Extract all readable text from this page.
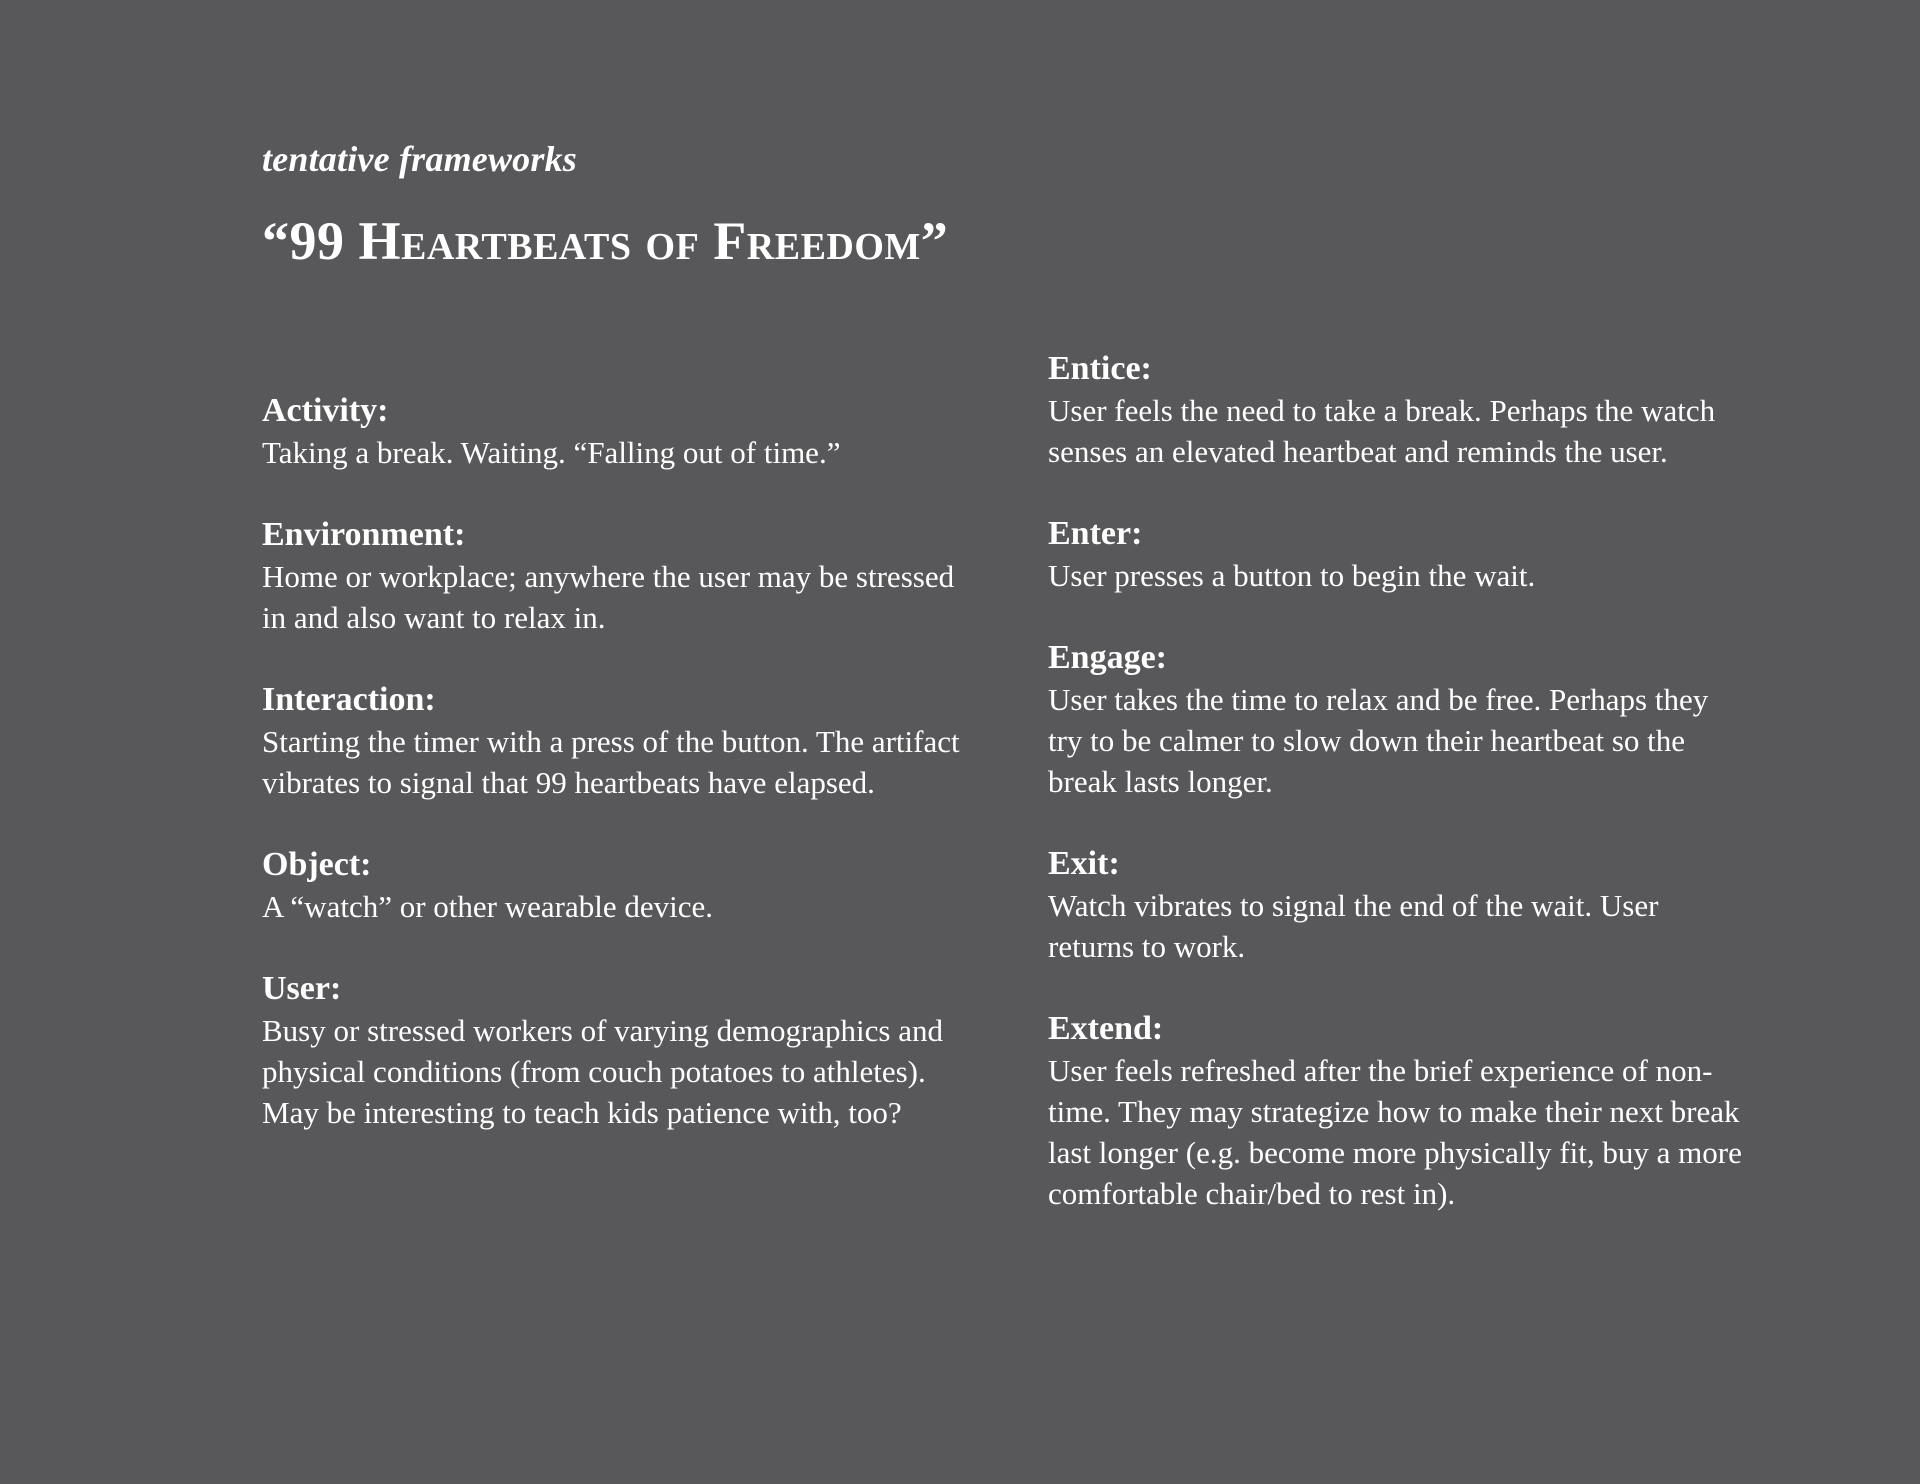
tentative frameworks

“99 Heartbeats of Freedom”
Activity:

Taking a break. Waiting. “Falling out of time.”

Environment:

Home or workplace; anywhere the user may be stressed in and also want to relax in.

Interaction:

Starting the timer with a press of the button. The artifact vibrates to signal that 99 heartbeats have elapsed.

Object:

A “watch” or other wearable device.

User:

Busy or stressed workers of varying demographics and physical conditions (from couch potatoes to athletes). May be interesting to teach kids patience with, too?

Entice:

User feels the need to take a break. Perhaps the watch senses an elevated heartbeat and reminds the user.

Enter:

User presses a button to begin the wait.

Engage:

User takes the time to relax and be free. Perhaps they try to be calmer to slow down their heartbeat so the break lasts longer.

Exit:

Watch vibrates to signal the end of the wait. User returns to work.

Extend:

User feels refreshed after the brief experience of non-time. They may strategize how to make their next break last longer (e.g. become more physically fit, buy a more comfortable chair/bed to rest in).
